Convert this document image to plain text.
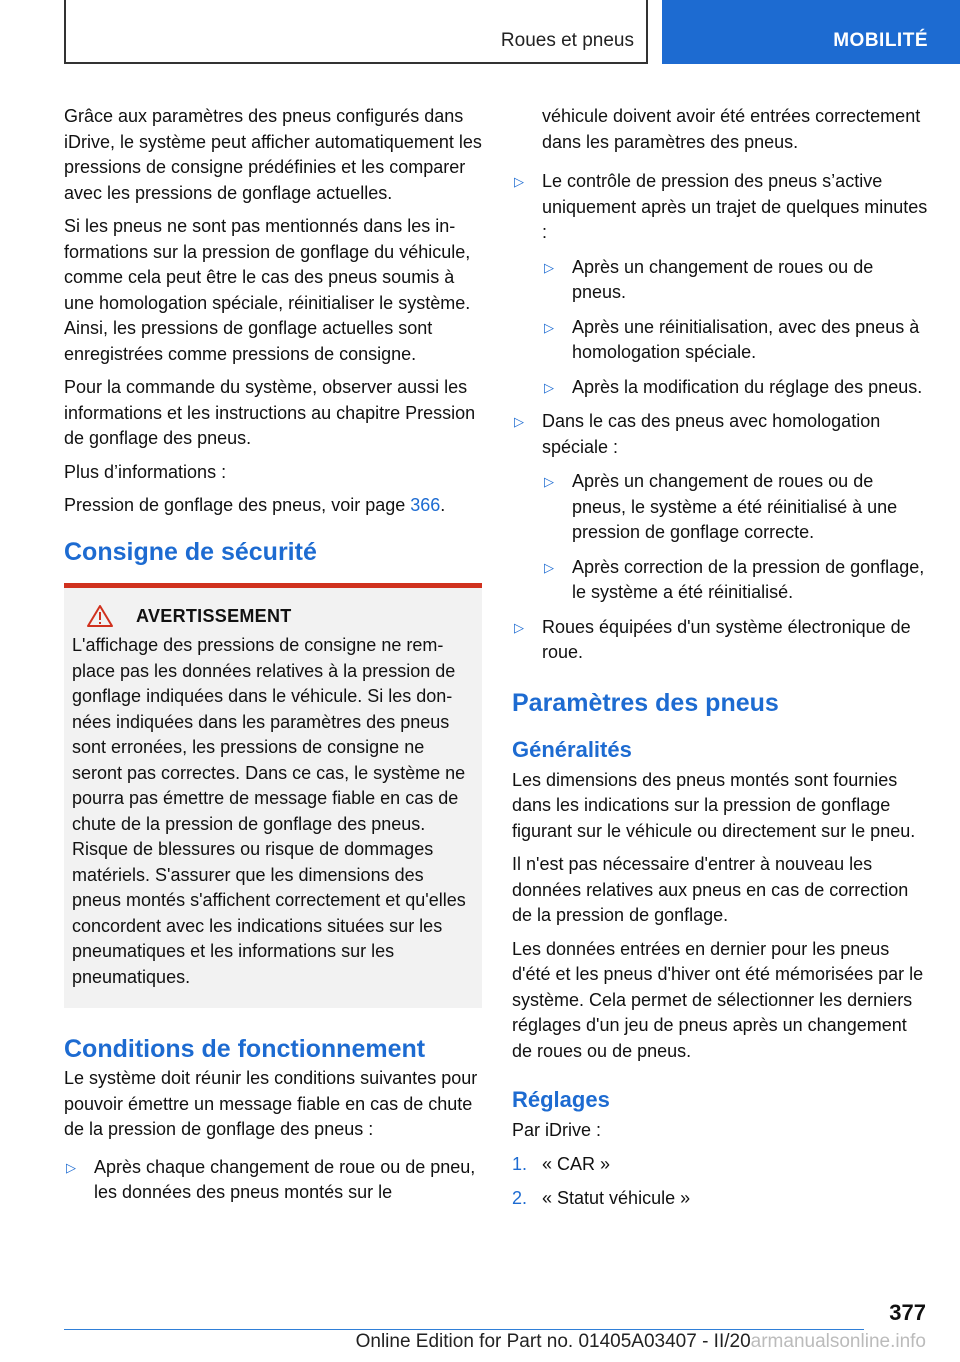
Roues et pneus	MOBILITÉ

Grâce aux paramètres des pneus configurés dans iDrive, le système peut afficher automatiquement les pressions de consigne prédéfinies et les comparer avec les pressions de gonflage actuelles.

Si les pneus ne sont pas mentionnés dans les informations sur la pression de gonflage du véhicule, comme cela peut être le cas des pneus soumis à une homologation spéciale, réinitialiser le système. Ainsi, les pressions de gonflage actuelles sont enregistrées comme pressions de consigne.

Pour la commande du système, observer aussi les informations et les instructions au chapitre Pression de gonflage des pneus.

Plus d’informations :

Pression de gonflage des pneus, voir page 366.

Consigne de sécurité
AVERTISSEMENT

L'affichage des pressions de consigne ne remplace pas les données relatives à la pression de gonflage indiquées dans le véhicule. Si les données indiquées dans les paramètres des pneus sont erronées, les pressions de consigne ne seront pas correctes. Dans ce cas, le système ne pourra pas émettre de message fiable en cas de chute de la pression de gonflage des pneus. Risque de blessures ou risque de dommages matériels. S'assurer que les dimensions des pneus montés s'affichent correctement et qu'elles concordent avec les indications situées sur les pneumatiques et les informations sur les pneumatiques.

Conditions de fonctionnement

Le système doit réunir les conditions suivantes pour pouvoir émettre un message fiable en cas de chute de la pression de gonflage des pneus :

▷ Après chaque changement de roue ou de pneu, les données des pneus montés sur le
véhicule doivent avoir été entrées correctement dans les paramètres des pneus.
▷ Le contrôle de pression des pneus s’active uniquement après un trajet de quelques minutes :
▷ Après un changement de roues ou de pneus.
▷ Après une réinitialisation, avec des pneus à homologation spéciale.
▷ Après la modification du réglage des pneus.
▷ Dans le cas des pneus avec homologation spéciale :
▷ Après un changement de roues ou de pneus, le système a été réinitialisé à une pression de gonflage correcte.
▷ Après correction de la pression de gonflage, le système a été réinitialisé.
▷ Roues équipées d'un système électronique de roue.
Paramètres des pneus
Généralités

Les dimensions des pneus montés sont fournies dans les indications sur la pression de gonflage figurant sur le véhicule ou directement sur le pneu.

Il n'est pas nécessaire d'entrer à nouveau les données relatives aux pneus en cas de correction de la pression de gonflage.

Les données entrées en dernier pour les pneus d'été et les pneus d'hiver ont été mémorisées par le système. Cela permet de sélectionner les derniers réglages d'un jeu de pneus après un changement de roues ou de pneus.

Réglages

Par iDrive :

1. « CAR »
2. « Statut véhicule »
377
Online Edition for Part no. 01405A03407 - II/20armanualsonline.info
